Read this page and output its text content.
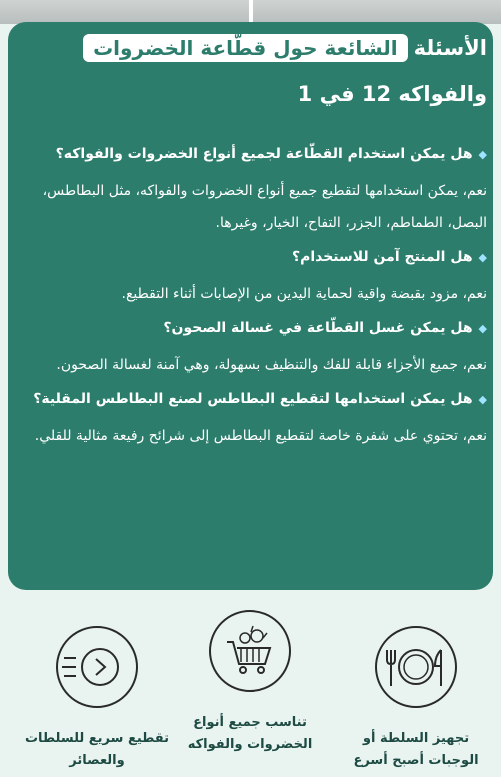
الأسئلة
الشائعة حول قطّاعة الخضروات
والفواكه 12 في 1
◆هل يمكن استخدام القطّاعة لجميع أنواع الخضروات والفواكه؟
نعم، يمكن استخدامها لتقطيع جميع أنواع الخضروات والفواكه، مثل البطاطس، البصل، الطماطم، الجزر، التفاح، الخيار، وغيرها.
◆هل المنتج آمن للاستخدام؟
نعم، مزود بقبضة واقية لحماية اليدين من الإصابات أثناء التقطيع.
◆هل يمكن غسل القطّاعة في غسالة الصحون؟
نعم، جميع الأجزاء قابلة للفك والتنظيف بسهولة، وهي آمنة لغسالة الصحون.
◆هل يمكن استخدامها لتقطيع البطاطس لصنع البطاطس المقلية؟
نعم، تحتوي على شفرة خاصة لتقطيع البطاطس إلى شرائح رفيعة مثالية للقلي.
تجهيز السلطة أو الوجبات أصبح أسرع
تناسب جميع أنواع الخضروات والفواكه
تقطيع سريع للسلطات والعصائر
